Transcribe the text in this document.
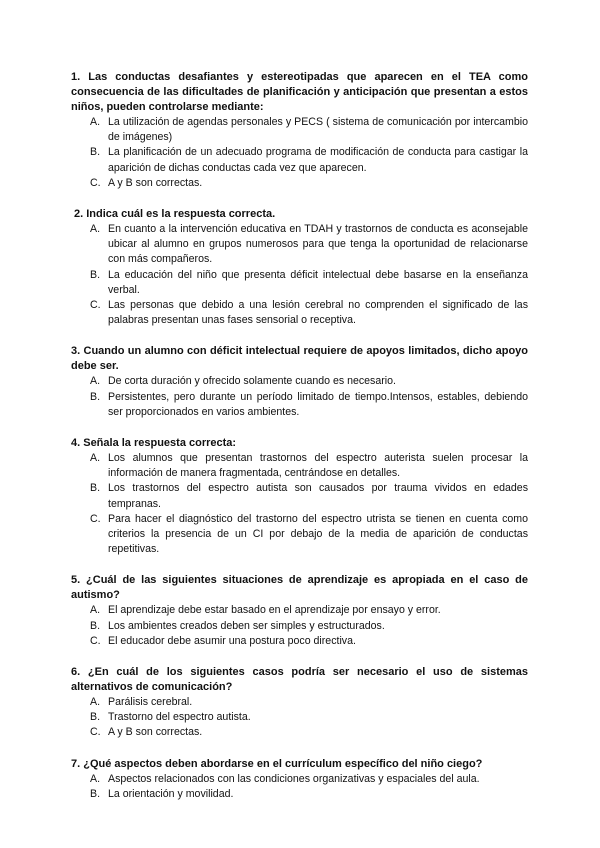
1. Las conductas desafiantes y estereotipadas que aparecen en el TEA como consecuencia de las dificultades de planificación y anticipación que presentan a estos niños, pueden controlarse mediante:

A. La utilización de agendas personales y PECS ( sistema de comunicación por intercambio de imágenes)
B. La planificación de un adecuado programa de modificación de conducta para castigar la aparición de dichas conductas cada vez que aparecen.
C. A y B son correctas.

2. Indica cuál es la respuesta correcta.

A. En cuanto a la intervención educativa en TDAH y trastornos de conducta es aconsejable ubicar al alumno en grupos numerosos para que tenga la oportunidad de relacionarse con más compañeros.
B. La educación del niño que presenta déficit intelectual debe basarse en la enseñanza verbal.
C. Las personas que debido a una lesión cerebral no comprenden el significado de las palabras presentan unas fases sensorial o receptiva.

3. Cuando un alumno con déficit intelectual requiere de apoyos limitados, dicho apoyo debe ser.

A. De corta duración y ofrecido solamente cuando es necesario.
B. Persistentes, pero durante un período limitado de tiempo.Intensos, estables, debiendo ser proporcionados en varios ambientes.

4. Señala la respuesta correcta:

A. Los alumnos que presentan trastornos del espectro auterista suelen procesar la información de manera fragmentada, centrándose en detalles.
B. Los trastornos del espectro autista son causados por trauma vividos en edades tempranas.
C. Para hacer el diagnóstico del trastorno del espectro utrista se tienen en cuenta como criterios la presencia de un CI por debajo de la media de aparición de conductas repetitivas.

5. ¿Cuál de las siguientes situaciones de aprendizaje es apropiada en el caso de autismo?

A. El aprendizaje debe estar basado en el aprendizaje por ensayo y error.
B. Los ambientes creados deben ser simples y estructurados.
C. El educador debe asumir una postura poco directiva.

6. ¿En cuál de los siguientes casos podría ser necesario el uso de sistemas alternativos de comunicación?

A. Parálisis cerebral.
B. Trastorno del espectro autista.
C. A y B son correctas.

7. ¿Qué aspectos deben abordarse en el currículum específico del niño ciego?

A. Aspectos relacionados con las condiciones organizativas y espaciales del aula.
B. La orientación y movilidad.
